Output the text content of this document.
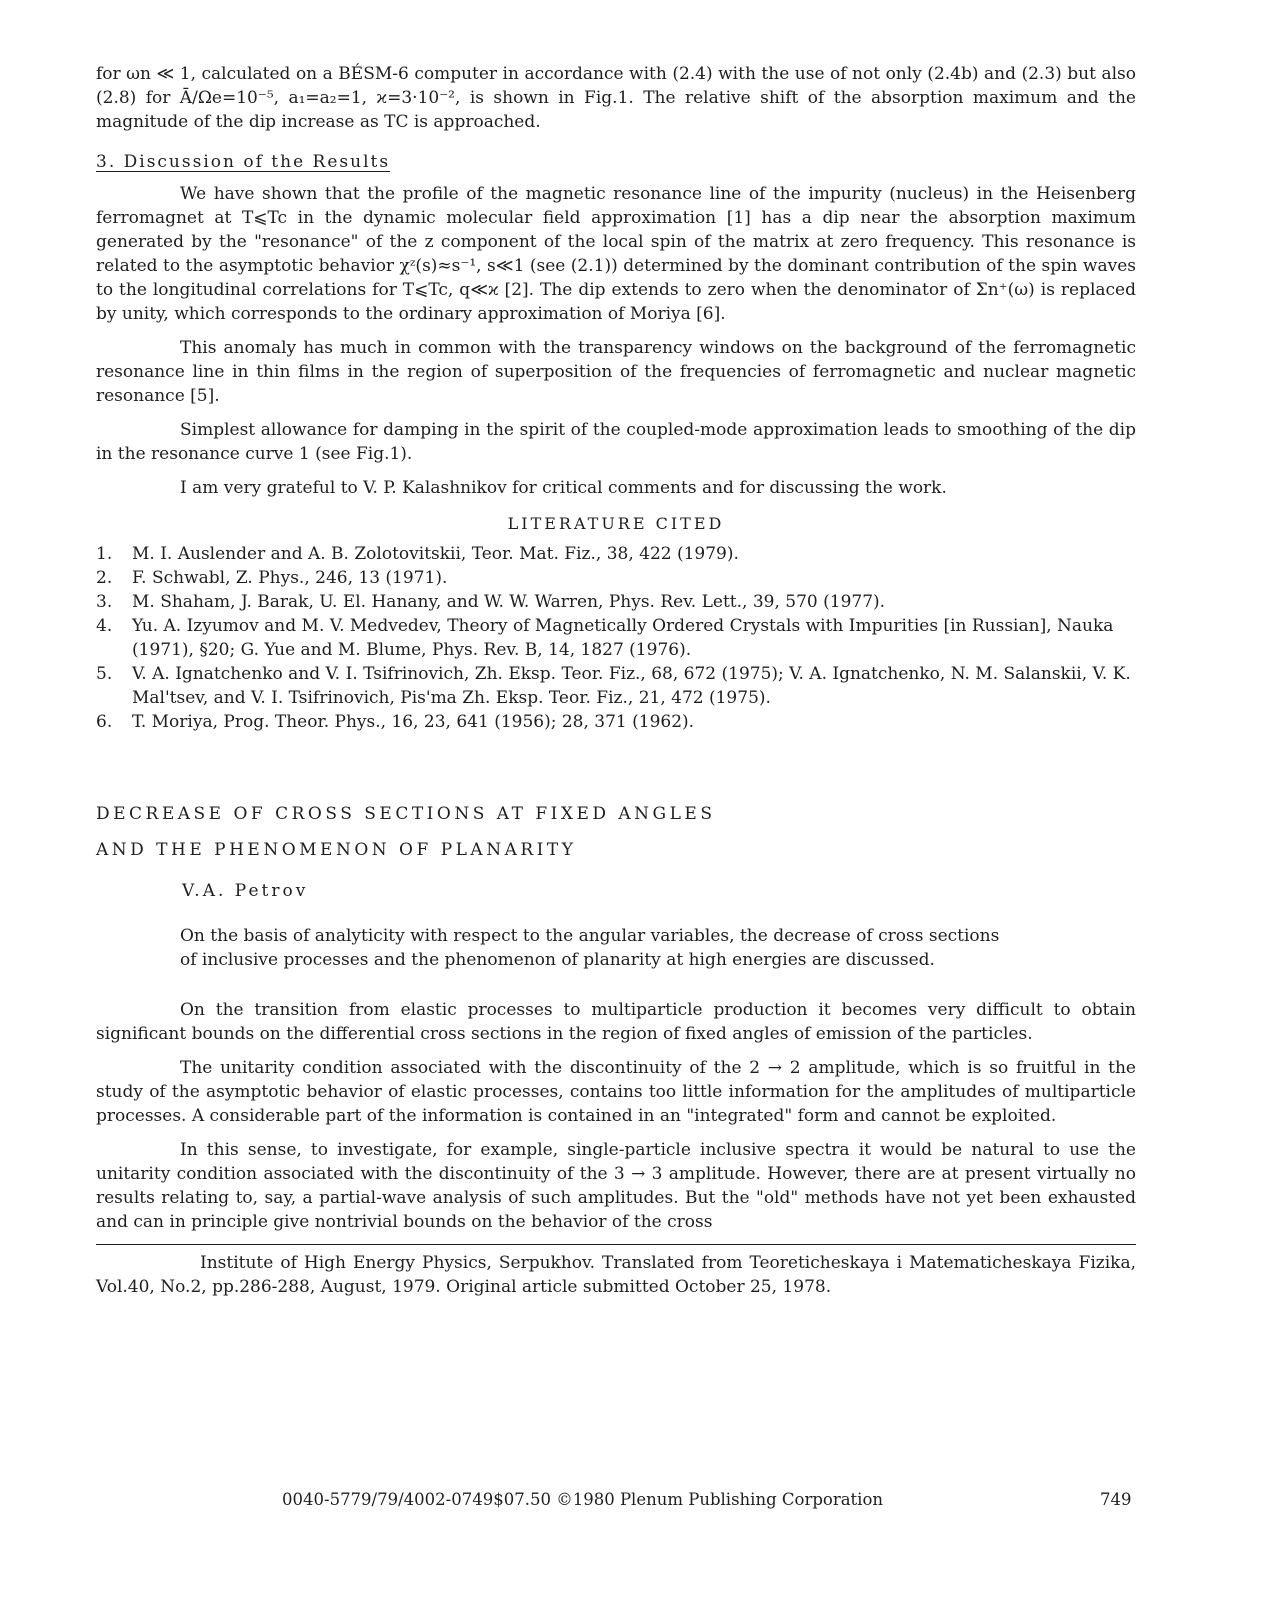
for ωn ≪ 1, calculated on a BÉSM-6 computer in accordance with (2.4) with the use of not only (2.4b) and (2.3) but also (2.8) for Ā/Ωe=10⁻⁵, a₁=a₂=1, ϰ=3·10⁻², is shown in Fig.1. The relative shift of the absorption maximum and the magnitude of the dip increase as TC is approached.

3. Discussion of the Results

We have shown that the profile of the magnetic resonance line of the impurity (nucleus) in the Heisenberg ferromagnet at T⩽Tc in the dynamic molecular field approximation [1] has a dip near the absorption maximum generated by the "resonance" of the z component of the local spin of the matrix at zero frequency. This resonance is related to the asymptotic behavior χᶻ(s)≈s⁻¹, s≪1 (see (2.1)) determined by the dominant contribution of the spin waves to the longitudinal correlations for T⩽Tc, q≪ϰ [2]. The dip extends to zero when the denominator of Σn⁺(ω) is replaced by unity, which corresponds to the ordinary approximation of Moriya [6].

This anomaly has much in common with the transparency windows on the background of the ferromagnetic resonance line in thin films in the region of superposition of the frequencies of ferromagnetic and nuclear magnetic resonance [5].

Simplest allowance for damping in the spirit of the coupled-mode approximation leads to smoothing of the dip in the resonance curve 1 (see Fig.1).

I am very grateful to V. P. Kalashnikov for critical comments and for discussing the work.

LITERATURE CITED
1.	M. I. Auslender and A. B. Zolotovitskii, Teor. Mat. Fiz., 38, 422 (1979).
2.	F. Schwabl, Z. Phys., 246, 13 (1971).
3.	M. Shaham, J. Barak, U. El. Hanany, and W. W. Warren, Phys. Rev. Lett., 39, 570 (1977).
4.	Yu. A. Izyumov and M. V. Medvedev, Theory of Magnetically Ordered Crystals with Impurities [in Russian], Nauka (1971), §20; G. Yue and M. Blume, Phys. Rev. B, 14, 1827 (1976).
5.	V. A. Ignatchenko and V. I. Tsifrinovich, Zh. Eksp. Teor. Fiz., 68, 672 (1975); V. A. Ignatchenko, N. M. Salanskii, V. K. Mal'tsev, and V. I. Tsifrinovich, Pis'ma Zh. Eksp. Teor. Fiz., 21, 472 (1975).
6.	T. Moriya, Prog. Theor. Phys., 16, 23, 641 (1956); 28, 371 (1962).
DECREASE OF CROSS SECTIONS AT FIXED ANGLES
AND THE PHENOMENON OF PLANARITY
V.A. Petrov

On the basis of analyticity with respect to the angular variables, the decrease of cross sections of inclusive processes and the phenomenon of planarity at high energies are discussed.

On the transition from elastic processes to multiparticle production it becomes very difficult to obtain significant bounds on the differential cross sections in the region of fixed angles of emission of the particles.

The unitarity condition associated with the discontinuity of the 2 → 2 amplitude, which is so fruitful in the study of the asymptotic behavior of elastic processes, contains too little information for the amplitudes of multiparticle processes. A considerable part of the information is contained in an "integrated" form and cannot be exploited.

In this sense, to investigate, for example, single-particle inclusive spectra it would be natural to use the unitarity condition associated with the discontinuity of the 3 → 3 amplitude. However, there are at present virtually no results relating to, say, a partial-wave analysis of such amplitudes. But the "old" methods have not yet been exhausted and can in principle give nontrivial bounds on the behavior of the cross

Institute of High Energy Physics, Serpukhov. Translated from Teoreticheskaya i Matematicheskaya Fizika, Vol.40, No.2, pp.286-288, August, 1979. Original article submitted October 25, 1978.

0040-5779/79/4002-0749$07.50 ©1980 Plenum Publishing Corporation	749
